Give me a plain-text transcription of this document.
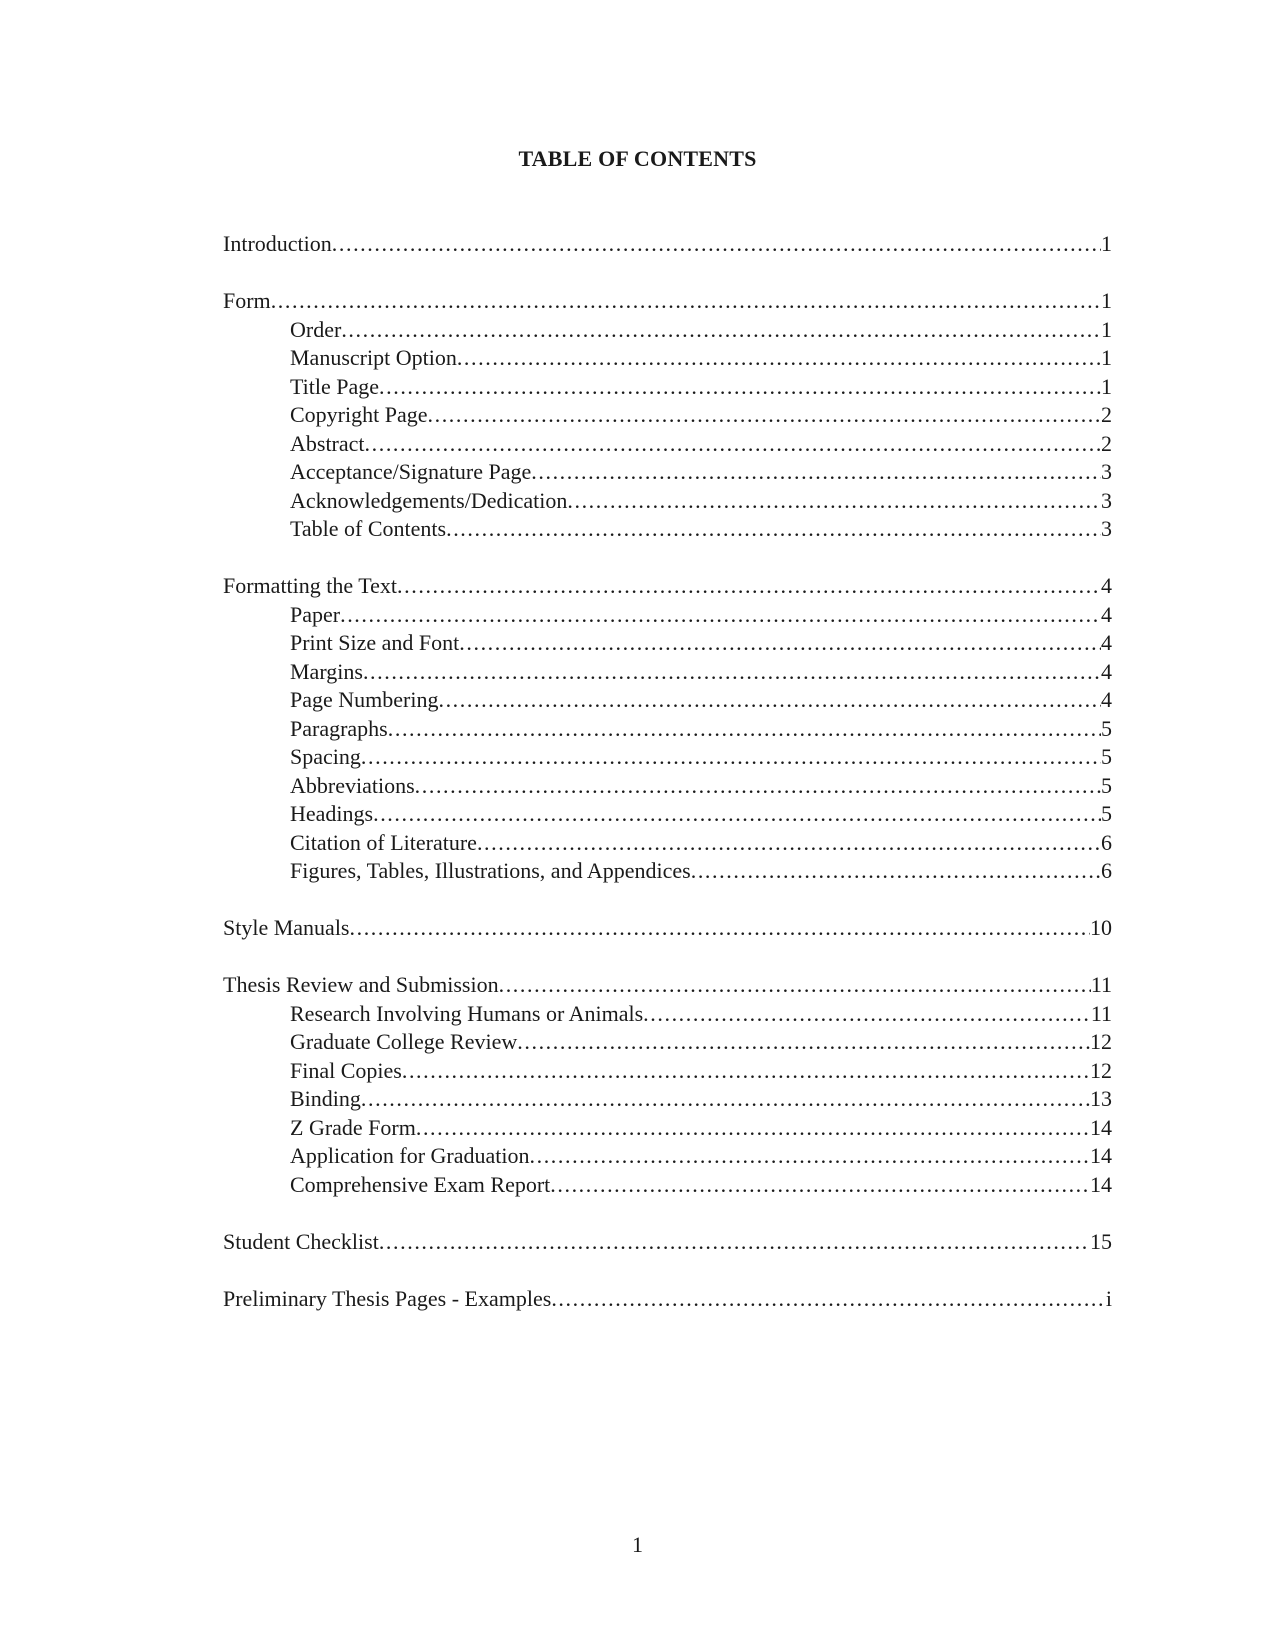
TABLE OF CONTENTS
Introduction .....	1
Form .....	1
Order .....	1
Manuscript Option .....	1
Title Page .....	1
Copyright Page .....	2
Abstract .....	2
Acceptance/Signature Page .....	3
Acknowledgements/Dedication .....	3
Table of Contents .....	3
Formatting the Text .....	4
Paper .....	4
Print Size and Font .....	4
Margins .....	4
Page Numbering .....	4
Paragraphs .....	5
Spacing .....	5
Abbreviations .....	5
Headings .....	5
Citation of Literature .....	6
Figures, Tables, Illustrations, and Appendices .....	6
Style Manuals .....	10
Thesis Review and Submission .....	11
Research Involving Humans or Animals .....	11
Graduate College Review .....	12
Final Copies .....	12
Binding .....	13
Z Grade Form .....	14
Application for Graduation .....	14
Comprehensive Exam Report .....	14
Student Checklist .....	15
Preliminary Thesis Pages - Examples .....	i
1
